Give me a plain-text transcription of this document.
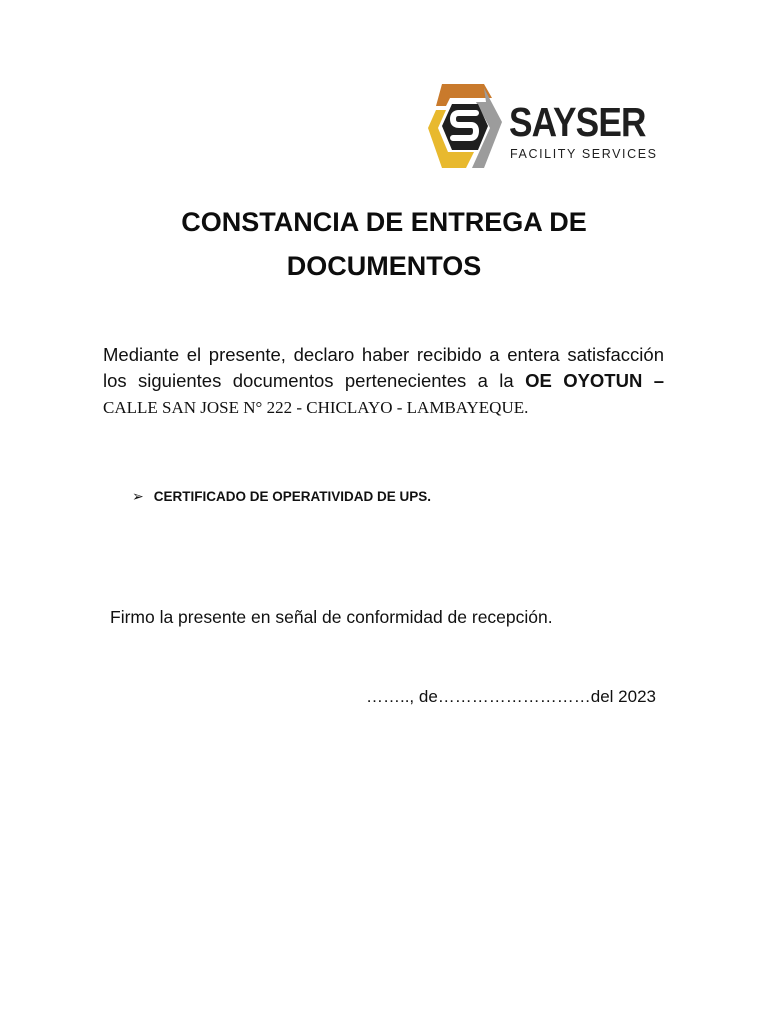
SAYSER
FACILITY SERVICES
CONSTANCIA DE ENTREGA DE
DOCUMENTOS

Mediante el presente, declaro haber recibido a entera satisfacción los siguientes documentos pertenecientes a la OE OYOTUN – CALLE SAN JOSE N° 222 - CHICLAYO - LAMBAYEQUE.

➢ CERTIFICADO DE OPERATIVIDAD DE UPS.

Firmo la presente en señal de conformidad de recepción.

…….., de………………………del 2023
